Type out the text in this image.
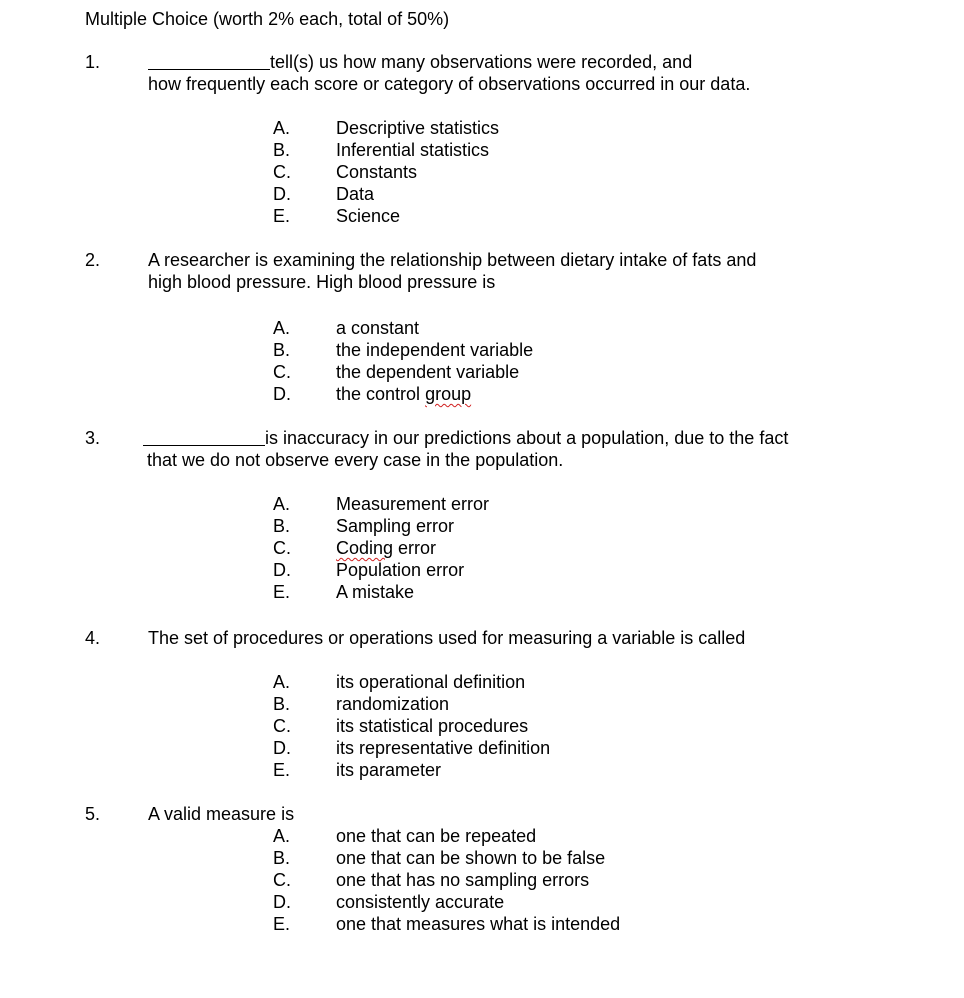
Multiple Choice (worth 2% each, total of 50%)
1.	tell(s) us how many observations were recorded, and
how frequently each score or category of observations occurred in our data.
A.	Descriptive statistics
B.	Inferential statistics
C.	Constants
D.	Data
E.	Science
2.	A researcher is examining the relationship between dietary intake of fats and
high blood pressure. High blood pressure is
A.	a constant
B.	the independent variable
C.	the dependent variable
D.	the control group
3.	is inaccuracy in our predictions about a population, due to the fact
that we do not observe every case in the population.
A.	Measurement error
B.	Sampling error
C.	Coding error
D.	Population error
E.	A mistake
4.	The set of procedures or operations used for measuring a variable is called
A.	its operational definition
B.	randomization
C.	its statistical procedures
D.	its representative definition
E.	its parameter
5.	A valid measure is
A.	one that can be repeated
B.	one that can be shown to be false
C.	one that has no sampling errors
D.	consistently accurate
E.	one that measures what is intended
